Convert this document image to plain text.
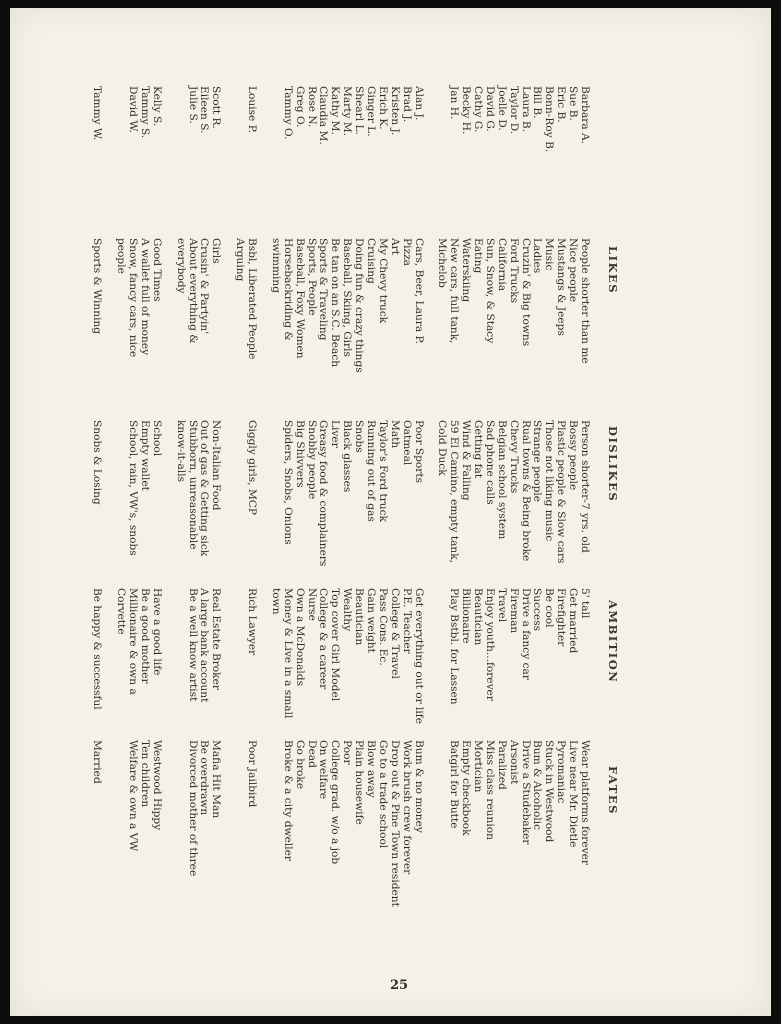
LIKES
DISLIKES
AMBITION
FATES
Barbara A.
People shorter than me
Person shorter-7 yrs. old
5' tall
Wear platforms forever
Sue B.
Nice people
Bossy people
Get married
Live near Mr. Dietle
Eric B.
Mustangs & Jeeps
Plastic people & Slow cars
Firefighter
Pyromaniac
Bonn-Roy B.
Music
Those not liking music
Be cool
Stuck in Westwood
Bill B.
Ladies
Strange people
Success
Bum & Alcoholic
Laura B.
Cruzin' & Big towns
Rual towns & Being broke
Drive a fancy car
Drive a Studebaker
Taylor D.
Ford Trucks
Chevy Trucks
Fireman
Arsonist
Joelle D.
California
Belgian school system
Travel
Paralized
David G.
Sun, Snow, & Stacy
Sad phone calls
Enjoy youth...forever
Miss class reunion
Cathy G.
Eating
Getting fat
Beautician
Mortician
Becky H.
Waterskiing
Wind & Falling
Billionaire
Empty checkbook
Jan H.
New cars, full tank,
59 El Camino, empty tank,
Play Bstbl. for Lassen
Batgirl for Butte
Michelob
Cold Duck
Alan J.
Cars, Beer, Laura P.
Poor Sports
Get everything out or life
Bum & no money
Brad J.
Pizza
Oatmeal
P.E. Teacher
Work brush crew forever
Kristen J.
Art
Math
College & Travel
Drop out & Pine Town resident
Erich K.
My Chevy truck
Taylor's Ford truck
Pass Cons. Ec.
Go to a trade school
Ginger L.
Cruising
Running out of gas
Gain weight
Blow away
Shearl L.
Doing fun & crazy things
Snobs
Beautician
Plain housewife
Marty M.
Baseball, Skiing, Girls
Black glasses
Wealthy
Poor
Kathy M.
Be tan on an S.C. Beach
Liver
Top cover Girl Model
College grad. w/o a job
Claudia M.
Sports & Traveling
Greasy food & complainers
College & a career
On welfare
Rose N.
Sports, People
Snobby people
Nurse
Dead
Greg O.
Baseball, Foxy Women
Big Shivvers
Own a McDonalds
Go broke
Tammy O.
Horsebackriding &
Spiders, Snobs, Onions
Money & Live in a small
Broke & a city dweller
swimming
town
Louise P.
Bsbl, Liberated People
Giggly girls, MCP
Rich Lawyer
Poor Jailbird
Arguing
Scott R.
Girls
Non-Italian Food
Real Estate Broker
Mafia Hit Man
Eileen S.
Crusin' & Partyin'
Out of gas & Getting sick
A large bank account
Be overdrawn
Julie S.
About everything &
Stubborn, unreasonable
Be a well know artist
Divorced mother of three
everybody
know-it-alls
Kelly S.
Good Times
School
Have a good life
Westwood Hippy
Tammy S.
A wallet full of money
Empty wallet
Be a good mother
Ten children
David W.
Snow, fancy cars, nice
School, rain, VW's, snobs
Millionaire & own a
Welfare & own a VW
people
Corvette
Tammy W.
Sports & Winning
Snobs & Losing
Be happy & successful
Married
25
